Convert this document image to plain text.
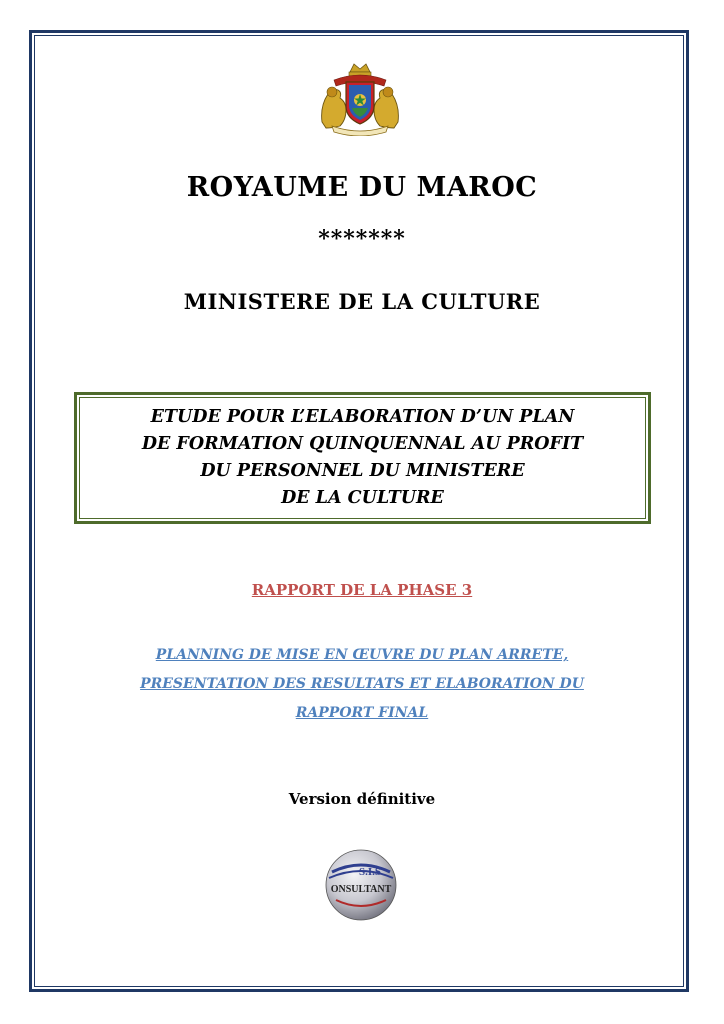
ROYAUME DU MAROC
*******
MINISTERE DE LA CULTURE
ETUDE POUR L’ELABORATION D’UN PLAN
DE FORMATION QUINQUENNAL AU PROFIT
DU PERSONNEL DU MINISTERE
DE LA CULTURE
RAPPORT DE LA PHASE 3
PLANNING DE MISE EN ŒUVRE DU PLAN ARRETE,
PRESENTATION DES RESULTATS ET ELABORATION DU
RAPPORT FINAL
Version définitive
S.I.S
ONSULTANT
